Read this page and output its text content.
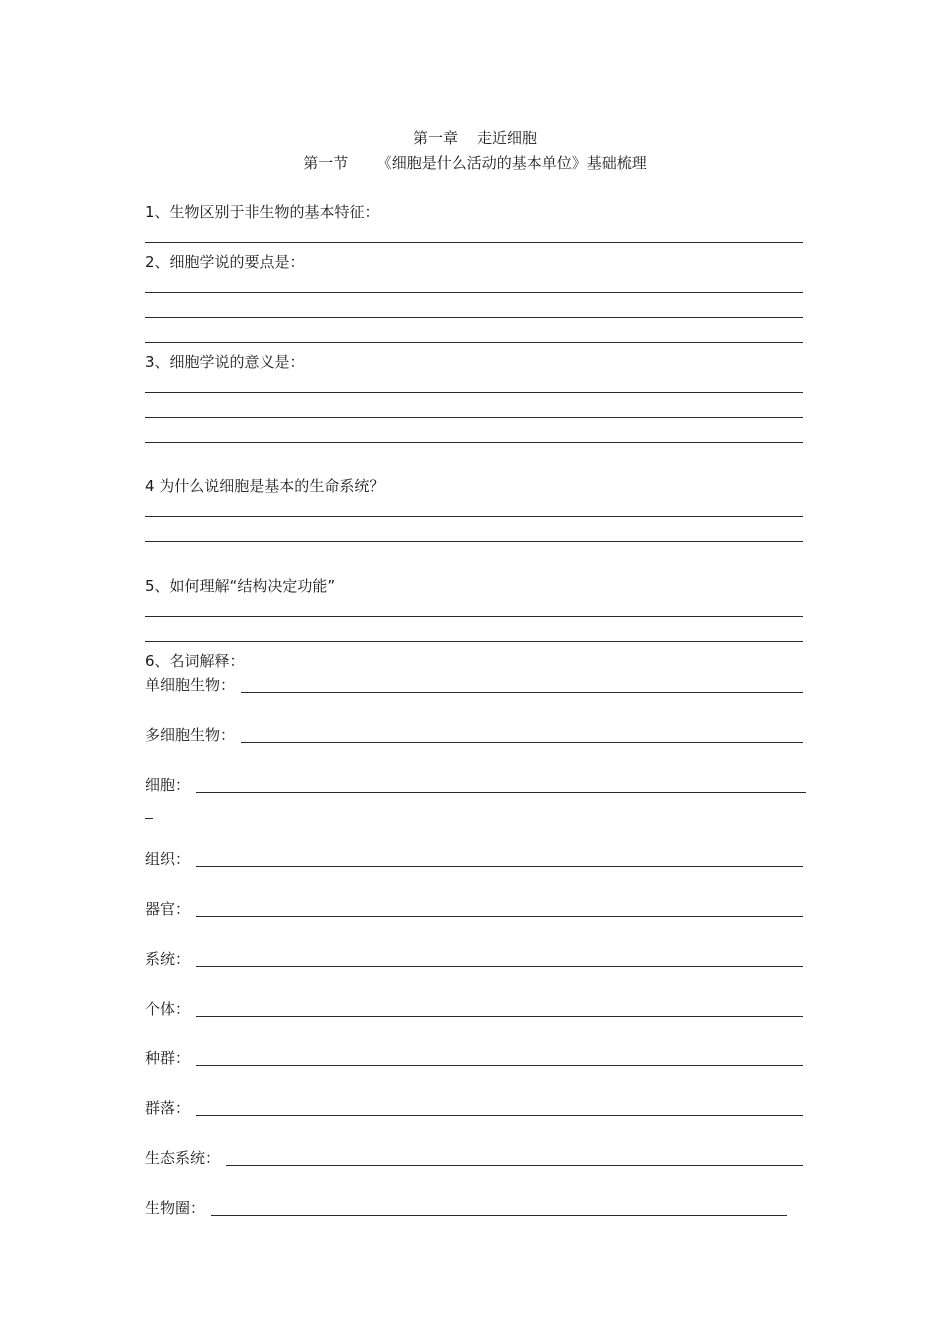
第一章    走近细胞
第一节      《细胞是什么活动的基本单位》基础梳理
1、生物区别于非生物的基本特征：
2、细胞学说的要点是：
3、细胞学说的意义是：
4 为什么说细胞是基本的生命系统？
5、如何理解“结构决定功能”
6、名词解释：
单细胞生物：
多细胞生物：
细胞：
组织：
器官：
系统：
个体：
种群：
群落：
生态系统：
生物圈：
